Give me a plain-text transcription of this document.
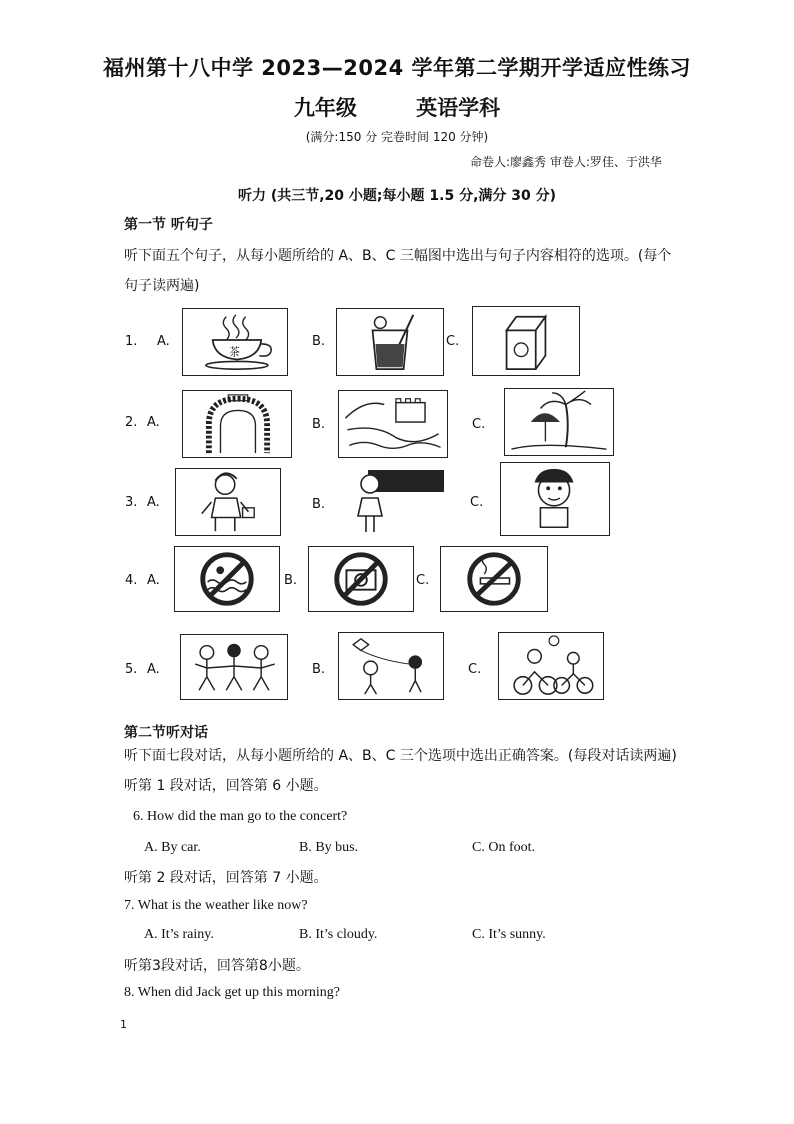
福州第十八中学 2023—2024 学年第二学期开学适应性练习
九年级	英语学科
(满分:150 分 完卷时间 120 分钟)
命卷人:廖鑫秀 审卷人:罗佳、于洪华
听力 (共三节,20 小题;每小题 1.5 分,满分 30 分)
第一节 听句子
听下面五个句子，从每小题所给的 A、B、C 三幅图中选出与句子内容相符的选项。(每个
句子读两遍)
1. A.
茶
B.	C.
2. A.	B.	C.
3. A.	B.	C.
4. A.	B.	C.
5. A.	B.	C.
第二节听对话
听下面七段对话，从每小题所给的 A、B、C 三个选项中选出正确答案。(每段对话读两遍)
听第 1 段对话，回答第 6 小题。
6. How did the man go to the concert?
A. By car.	B. By bus.	C. On foot.
听第 2 段对话，回答第 7 小题。
7. What is the weather like now?
A. It’s rainy.	B. It’s cloudy.	C. It’s sunny.
听第3段对话，回答第8小题。
8. When did Jack get up this morning?
1
